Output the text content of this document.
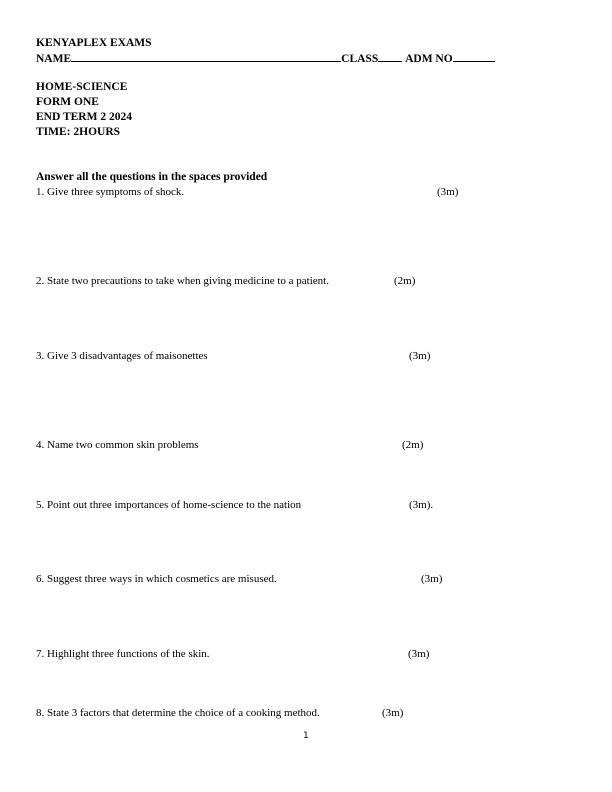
KENYAPLEX EXAMS
NAME	CLASS ADM NO
HOME-SCIENCE
FORM ONE
END TERM 2 2024
TIME: 2HOURS
Answer all the questions in the spaces provided
1. Give three symptoms of shock.	(3m)
2. State two precautions to take when giving medicine to a patient.	(2m)
3. Give 3 disadvantages of maisonettes	(3m)
4. Name two common skin problems	(2m)
5. Point out three importances of home-science to the nation	(3m).
6. Suggest three ways in which cosmetics are misused.	(3m)
7. Highlight three functions of the skin.	(3m)
8. State 3 factors that determine the choice of a cooking method.	(3m)
1
